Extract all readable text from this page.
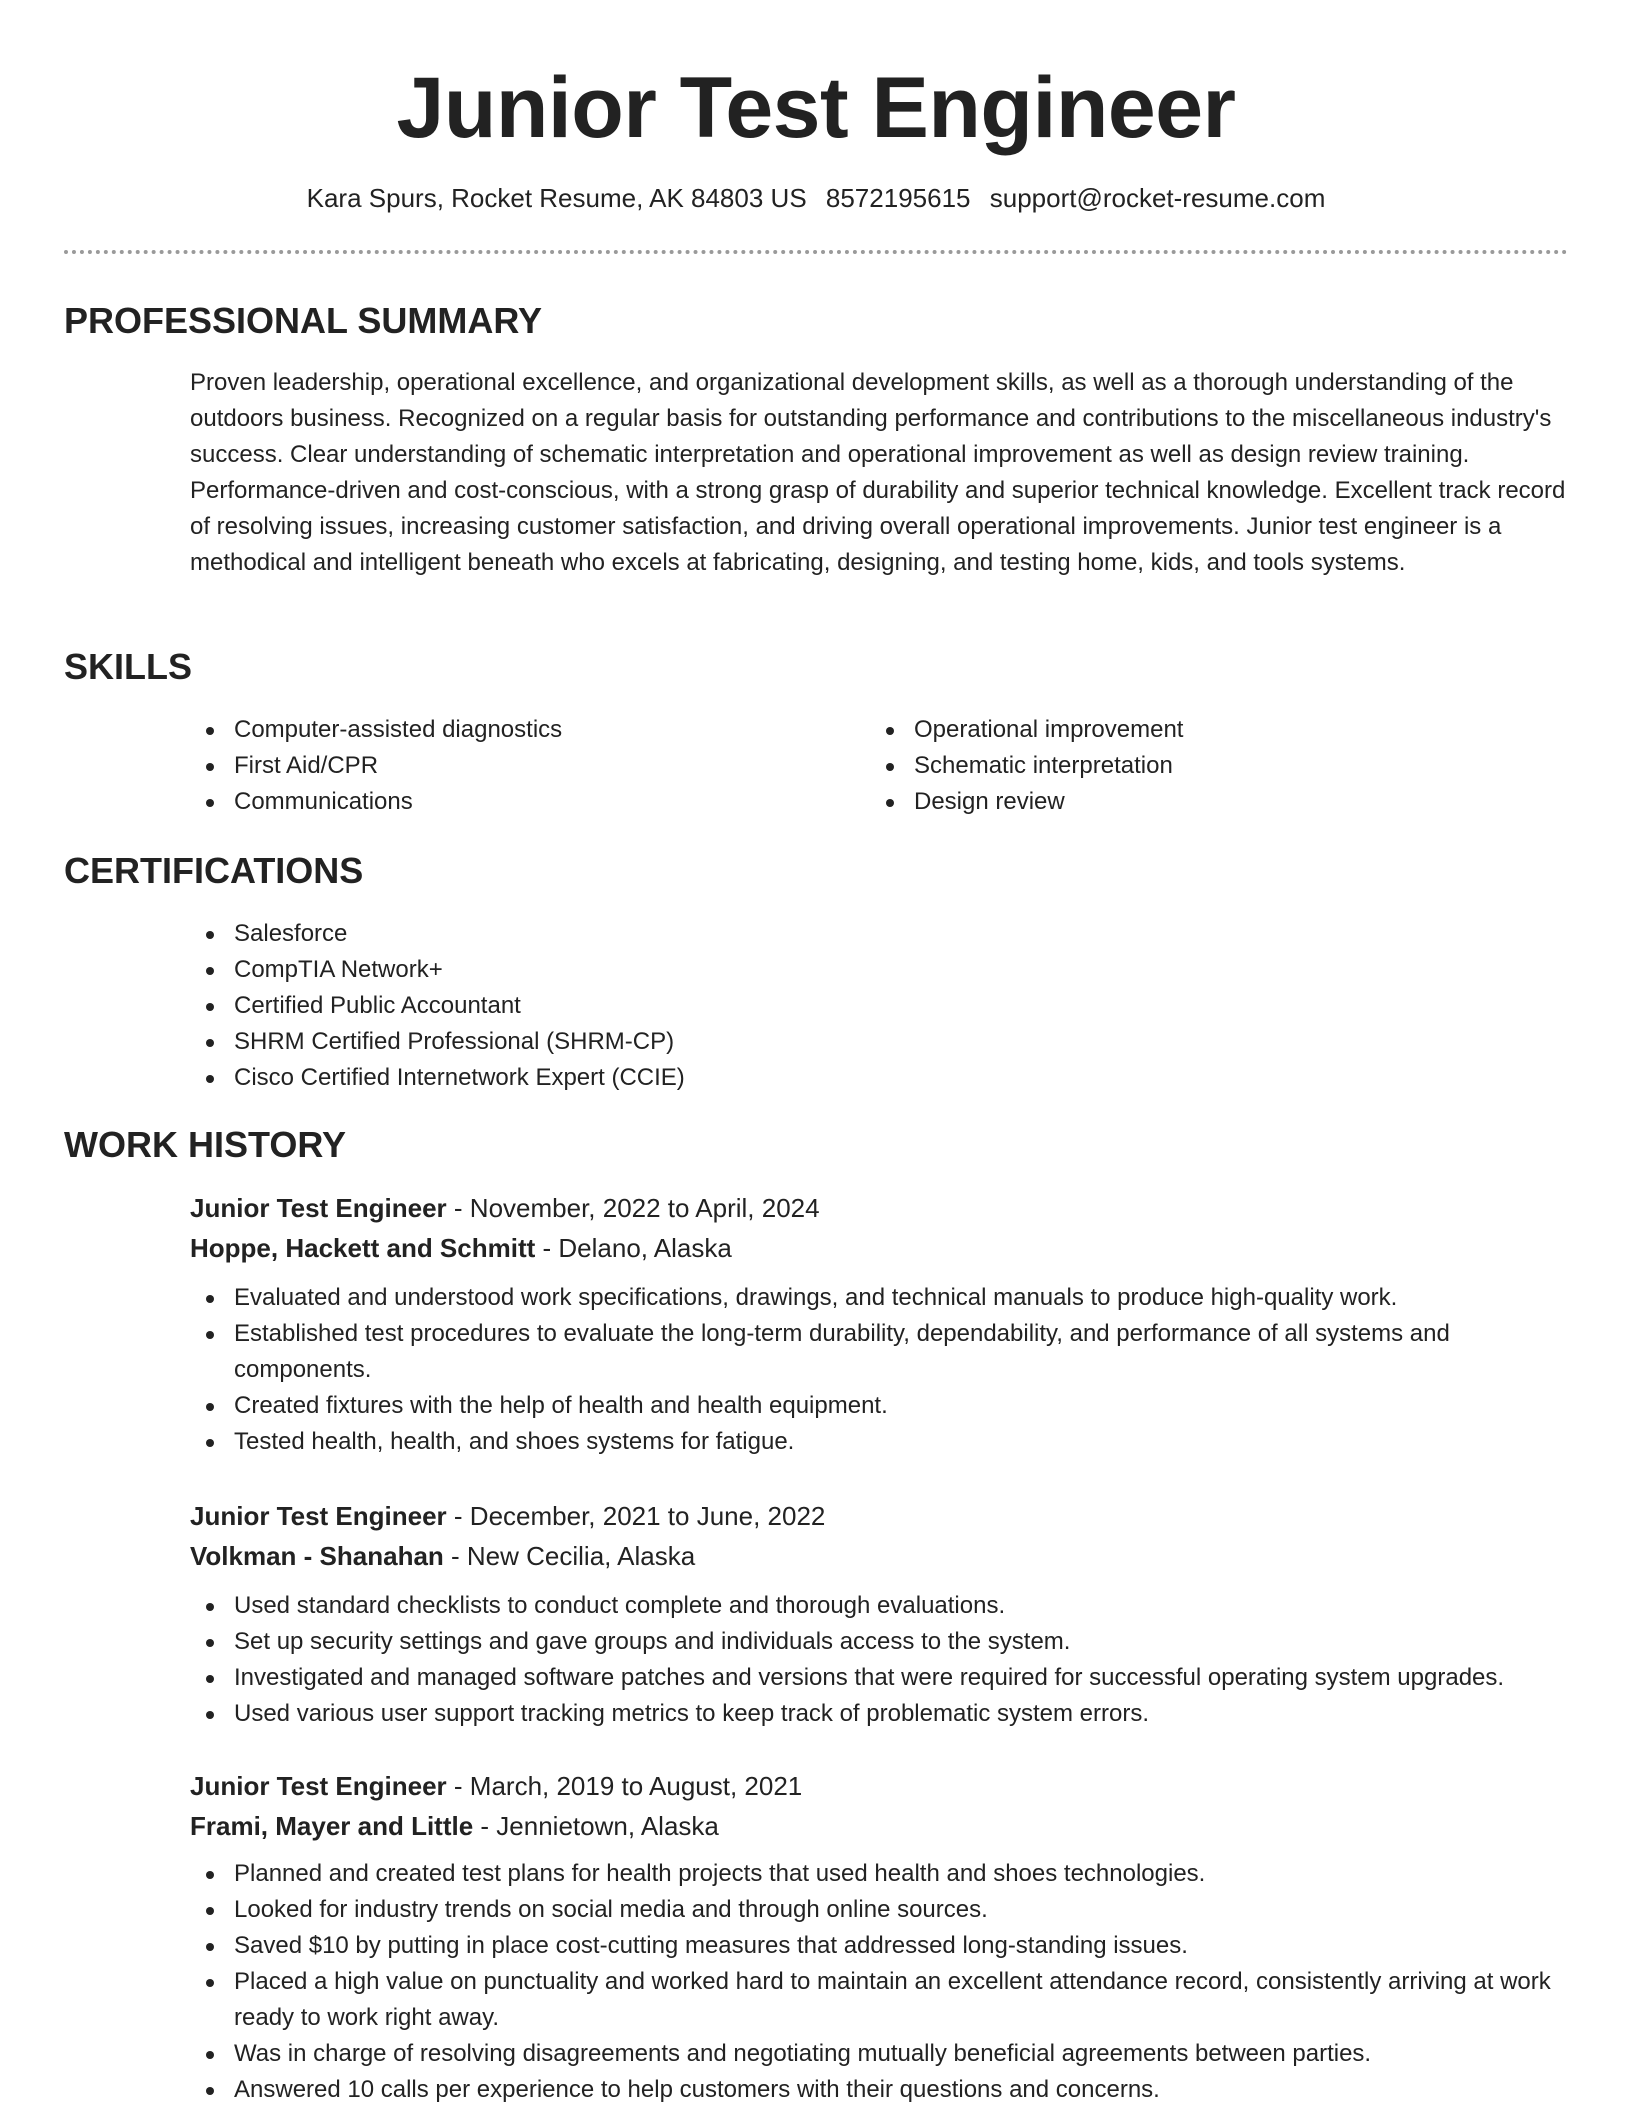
Junior Test Engineer
Kara Spurs, Rocket Resume, AK 84803 US 8572195615 support@rocket-resume.com
PROFESSIONAL SUMMARY

Proven leadership, operational excellence, and organizational development skills, as well as a thorough understanding of the outdoors business. Recognized on a regular basis for outstanding performance and contributions to the miscellaneous industry's success. Clear understanding of schematic interpretation and operational improvement as well as design review training. Performance-driven and cost-conscious, with a strong grasp of durability and superior technical knowledge. Excellent track record of resolving issues, increasing customer satisfaction, and driving overall operational improvements. Junior test engineer is a methodical and intelligent beneath who excels at fabricating, designing, and testing home, kids, and tools systems.

SKILLS
Computer-assisted diagnostics
First Aid/CPR
Communications
Operational improvement
Schematic interpretation
Design review
CERTIFICATIONS
Salesforce
CompTIA Network+
Certified Public Accountant
SHRM Certified Professional (SHRM-CP)
Cisco Certified Internetwork Expert (CCIE)
WORK HISTORY

Junior Test Engineer - November, 2022 to April, 2024

Hoppe, Hackett and Schmitt - Delano, Alaska

Evaluated and understood work specifications, drawings, and technical manuals to produce high-quality work.
Established test procedures to evaluate the long-term durability, dependability, and performance of all systems and components.
Created fixtures with the help of health and health equipment.
Tested health, health, and shoes systems for fatigue.

Junior Test Engineer - December, 2021 to June, 2022

Volkman - Shanahan - New Cecilia, Alaska

Used standard checklists to conduct complete and thorough evaluations.
Set up security settings and gave groups and individuals access to the system.
Investigated and managed software patches and versions that were required for successful operating system upgrades.
Used various user support tracking metrics to keep track of problematic system errors.

Junior Test Engineer - March, 2019 to August, 2021

Frami, Mayer and Little - Jennietown, Alaska

Planned and created test plans for health projects that used health and shoes technologies.
Looked for industry trends on social media and through online sources.
Saved $10 by putting in place cost-cutting measures that addressed long-standing issues.
Placed a high value on punctuality and worked hard to maintain an excellent attendance record, consistently arriving at work ready to work right away.
Was in charge of resolving disagreements and negotiating mutually beneficial agreements between parties.
Answered 10 calls per experience to help customers with their questions and concerns.
